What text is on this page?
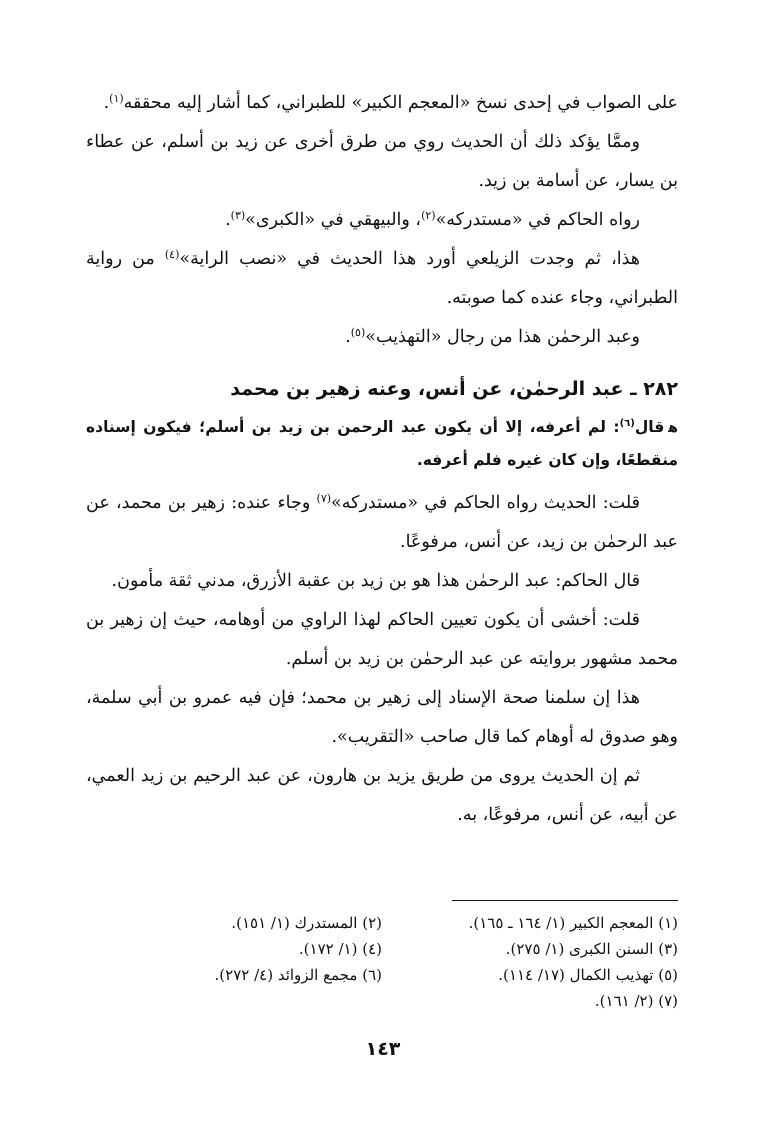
على الصواب في إحدى نسخ «المعجم الكبير» للطبراني، كما أشار إليه محققه$^{(١)}$.

وممَّا يؤكد ذلك أن الحديث روي من طرق أخرى عن زيد بن أسلم، عن عطاء بن يسار، عن أسامة بن زيد.

رواه الحاكم في «مستدركه»$^{(٢)}$، والبيهقي في «الكبرى»$^{(٣)}$.

هذا، ثم وجدت الزيلعي أورد هذا الحديث في «نصب الراية»$^{(٤)}$ من رواية الطبراني، وجاء عنده كما صوبته.

وعبد الرحمٰن هذا من رجال «التهذيب»$^{(٥)}$.

٢٨٢ ـ عبد الرحمٰن، عن أنس، وعنه زهير بن محمد

ﻫقال$^{(٦)}$: لم أعرفه، إلا أن يكون عبد الرحمن بن زيد بن أسلم؛ فيكون إسناده منقطعًا، وإن كان غيره فلم أعرفه.

قلت: الحديث رواه الحاكم في «مستدركه»$^{(٧)}$ وجاء عنده: زهير بن محمد، عن عبد الرحمٰن بن زيد، عن أنس، مرفوعًا.

قال الحاكم: عبد الرحمٰن هذا هو بن زيد بن عقبة الأزرق، مدني ثقة مأمون.

قلت: أخشى أن يكون تعيين الحاكم لهذا الراوي من أوهامه، حيث إن زهير بن محمد مشهور بروايته عن عبد الرحمٰن بن زيد بن أسلم.

هذا إن سلمنا صحة الإسناد إلى زهير بن محمد؛ فإن فيه عمرو بن أبي سلمة، وهو صدوق له أوهام كما قال صاحب «التقريب».

ثم إن الحديث يروى من طريق يزيد بن هارون، عن عبد الرحيم بن زيد العمي، عن أبيه، عن أنس، مرفوعًا، به.

(١) المعجم الكبير (١/ ١٦٤ ـ ١٦٥).
(٢) المستدرك (١/ ١٥١).
(٣) السنن الكبرى (١/ ٢٧٥).
(٤) (١/ ١٧٢).
(٥) تهذيب الكمال (١٧/ ١١٤).
(٦) مجمع الزوائد (٤/ ٢٧٢).
(٧) (٢/ ١٦١).
١٤٣
